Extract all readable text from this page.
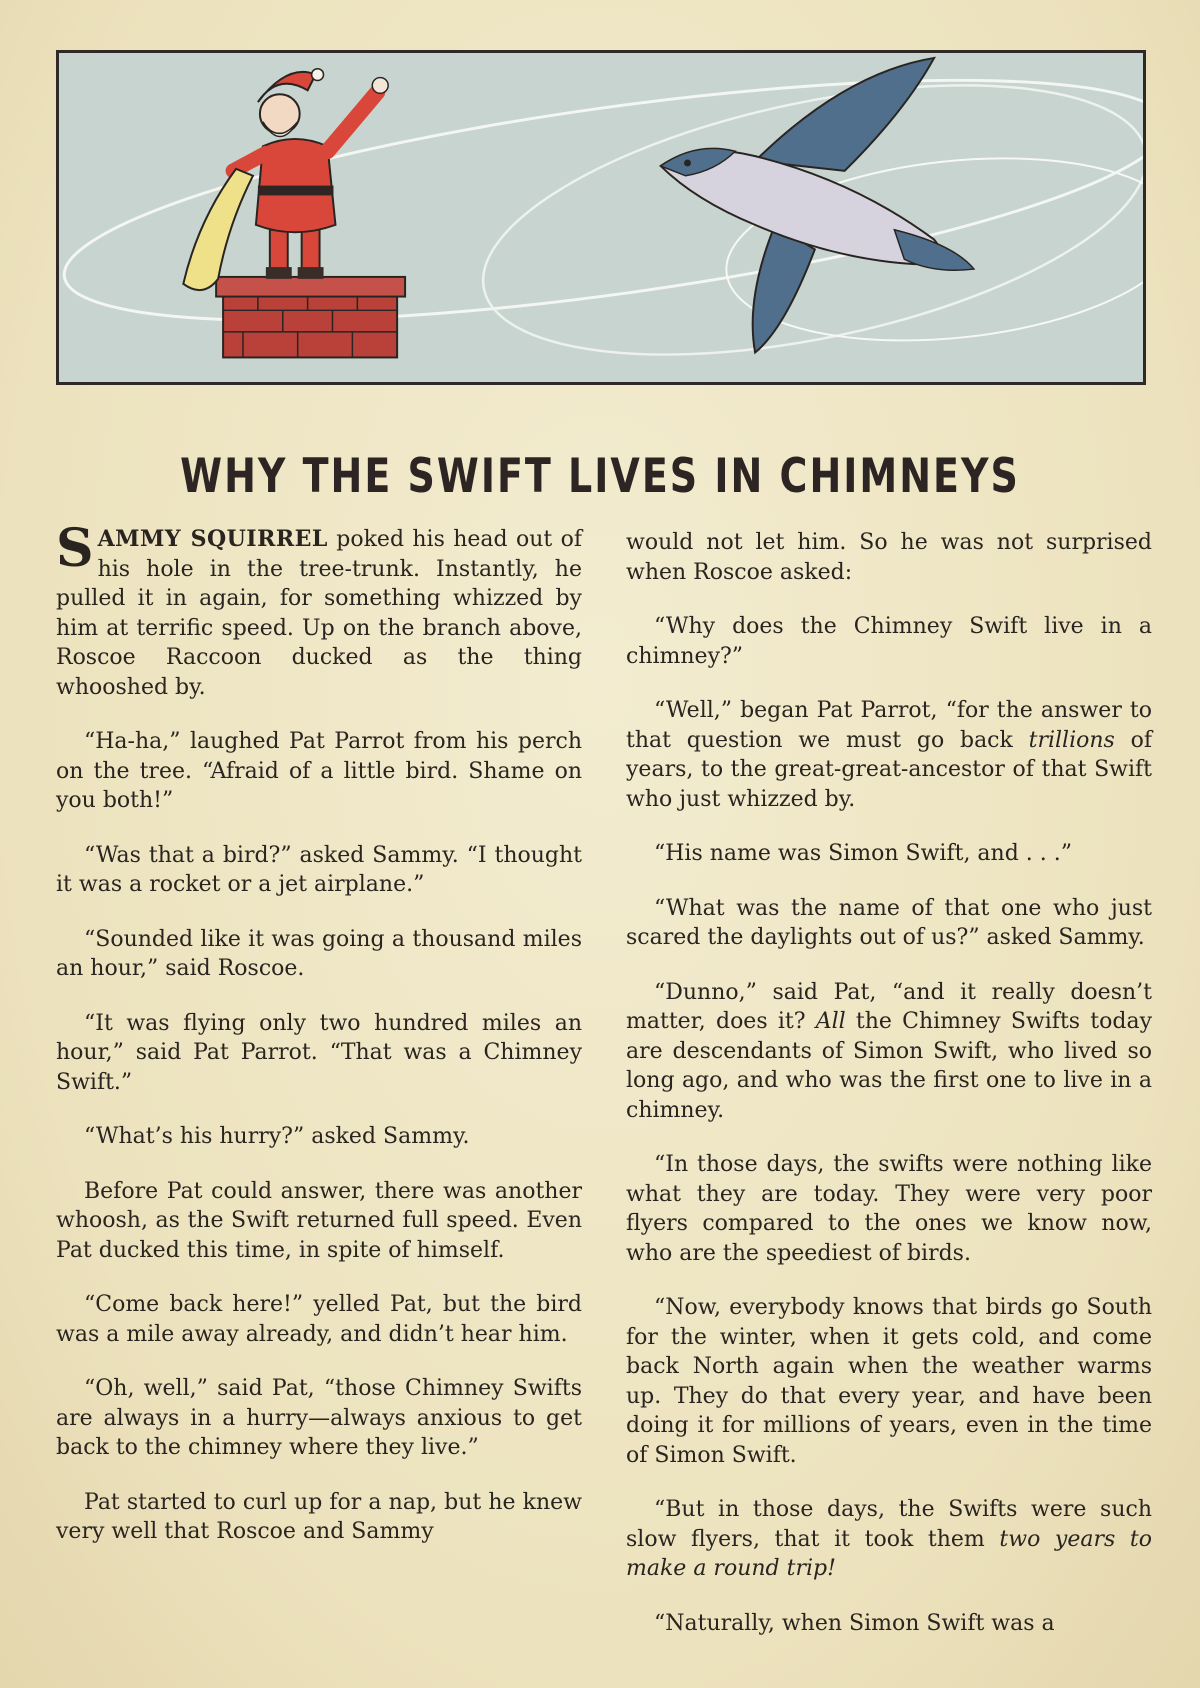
WHY THE SWIFT LIVES IN CHIMNEYS

SAMMY SQUIRREL poked his head out of his hole in the tree-trunk. Instantly, he pulled it in again, for something whizzed by him at terrific speed. Up on the branch above, Roscoe Raccoon ducked as the thing whooshed by.

“Ha-ha,” laughed Pat Parrot from his perch on the tree. “Afraid of a little bird. Shame on you both!”

“Was that a bird?” asked Sammy. “I thought it was a rocket or a jet airplane.”

“Sounded like it was going a thousand miles an hour,” said Roscoe.

“It was flying only two hundred miles an hour,” said Pat Parrot. “That was a Chimney Swift.”

“What’s his hurry?” asked Sammy.

Before Pat could answer, there was another whoosh, as the Swift returned full speed. Even Pat ducked this time, in spite of himself.

“Come back here!” yelled Pat, but the bird was a mile away already, and didn’t hear him.

“Oh, well,” said Pat, “those Chimney Swifts are always in a hurry—always anxious to get back to the chimney where they live.”

Pat started to curl up for a nap, but he knew very well that Roscoe and Sammy

would not let him. So he was not surprised when Roscoe asked:

“Why does the Chimney Swift live in a chimney?”

“Well,” began Pat Parrot, “for the answer to that question we must go back trillions of years, to the great-great-ancestor of that Swift who just whizzed by.

“His name was Simon Swift, and . . .”

“What was the name of that one who just scared the daylights out of us?” asked Sammy.

“Dunno,” said Pat, “and it really doesn’t matter, does it? All the Chimney Swifts today are descendants of Simon Swift, who lived so long ago, and who was the first one to live in a chimney.

“In those days, the swifts were nothing like what they are today. They were very poor flyers compared to the ones we know now, who are the speediest of birds.

“Now, everybody knows that birds go South for the winter, when it gets cold, and come back North again when the weather warms up. They do that every year, and have been doing it for millions of years, even in the time of Simon Swift.

“But in those days, the Swifts were such slow flyers, that it took them two years to make a round trip!

“Naturally, when Simon Swift was a
